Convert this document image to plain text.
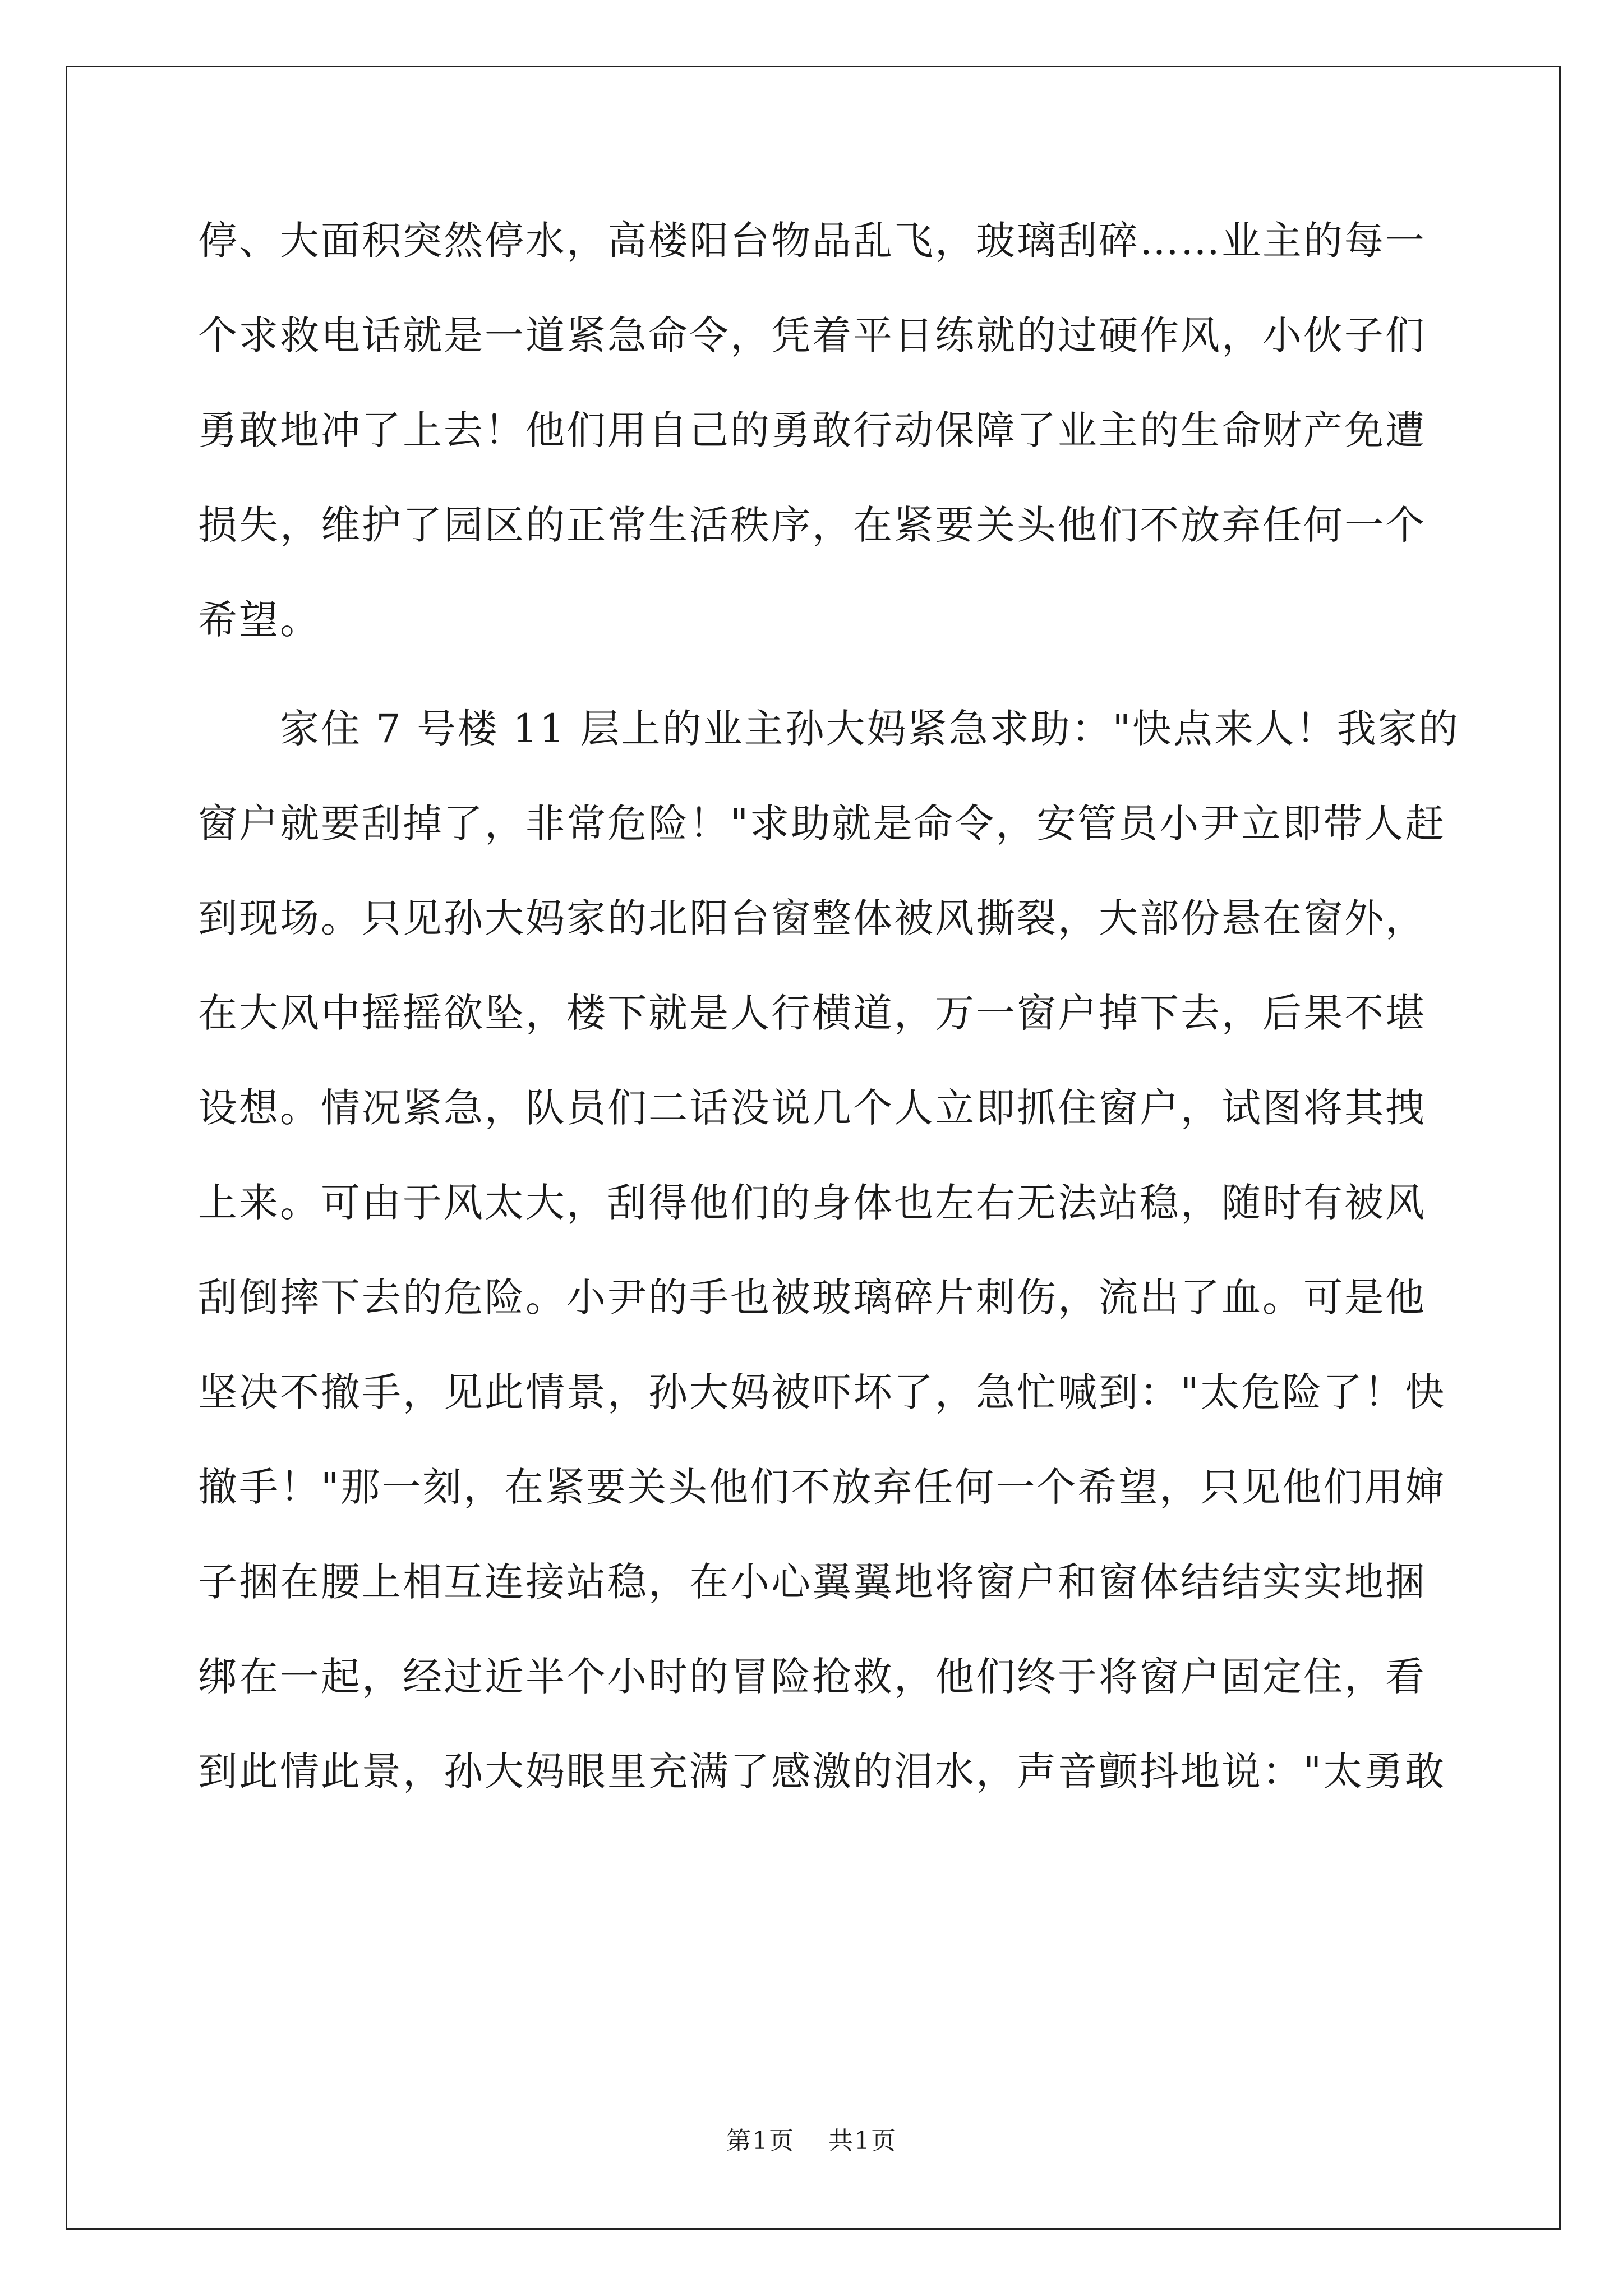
停、大面积突然停水，高楼阳台物品乱飞，玻璃刮碎……业主的每一
个求救电话就是一道紧急命令，凭着平日练就的过硬作风，小伙子们
勇敢地冲了上去！他们用自己的勇敢行动保障了业主的生命财产免遭
损失，维护了园区的正常生活秩序，在紧要关头他们不放弃任何一个
希望。
　　家住 7 号楼 11 层上的业主孙大妈紧急求助："快点来人！我家的
窗户就要刮掉了，非常危险！"求助就是命令，安管员小尹立即带人赶
到现场。只见孙大妈家的北阳台窗整体被风撕裂，大部份悬在窗外，
在大风中摇摇欲坠，楼下就是人行横道，万一窗户掉下去，后果不堪
设想。情况紧急，队员们二话没说几个人立即抓住窗户，试图将其拽
上来。可由于风太大，刮得他们的身体也左右无法站稳，随时有被风
刮倒摔下去的危险。小尹的手也被玻璃碎片刺伤，流出了血。可是他
坚决不撤手，见此情景，孙大妈被吓坏了，急忙喊到："太危险了！快
撤手！"那一刻，在紧要关头他们不放弃任何一个希望，只见他们用婶
子捆在腰上相互连接站稳，在小心翼翼地将窗户和窗体结结实实地捆
绑在一起，经过近半个小时的冒险抢救，他们终于将窗户固定住，看
到此情此景，孙大妈眼里充满了感激的泪水，声音颤抖地说："太勇敢
第1页 共1页
